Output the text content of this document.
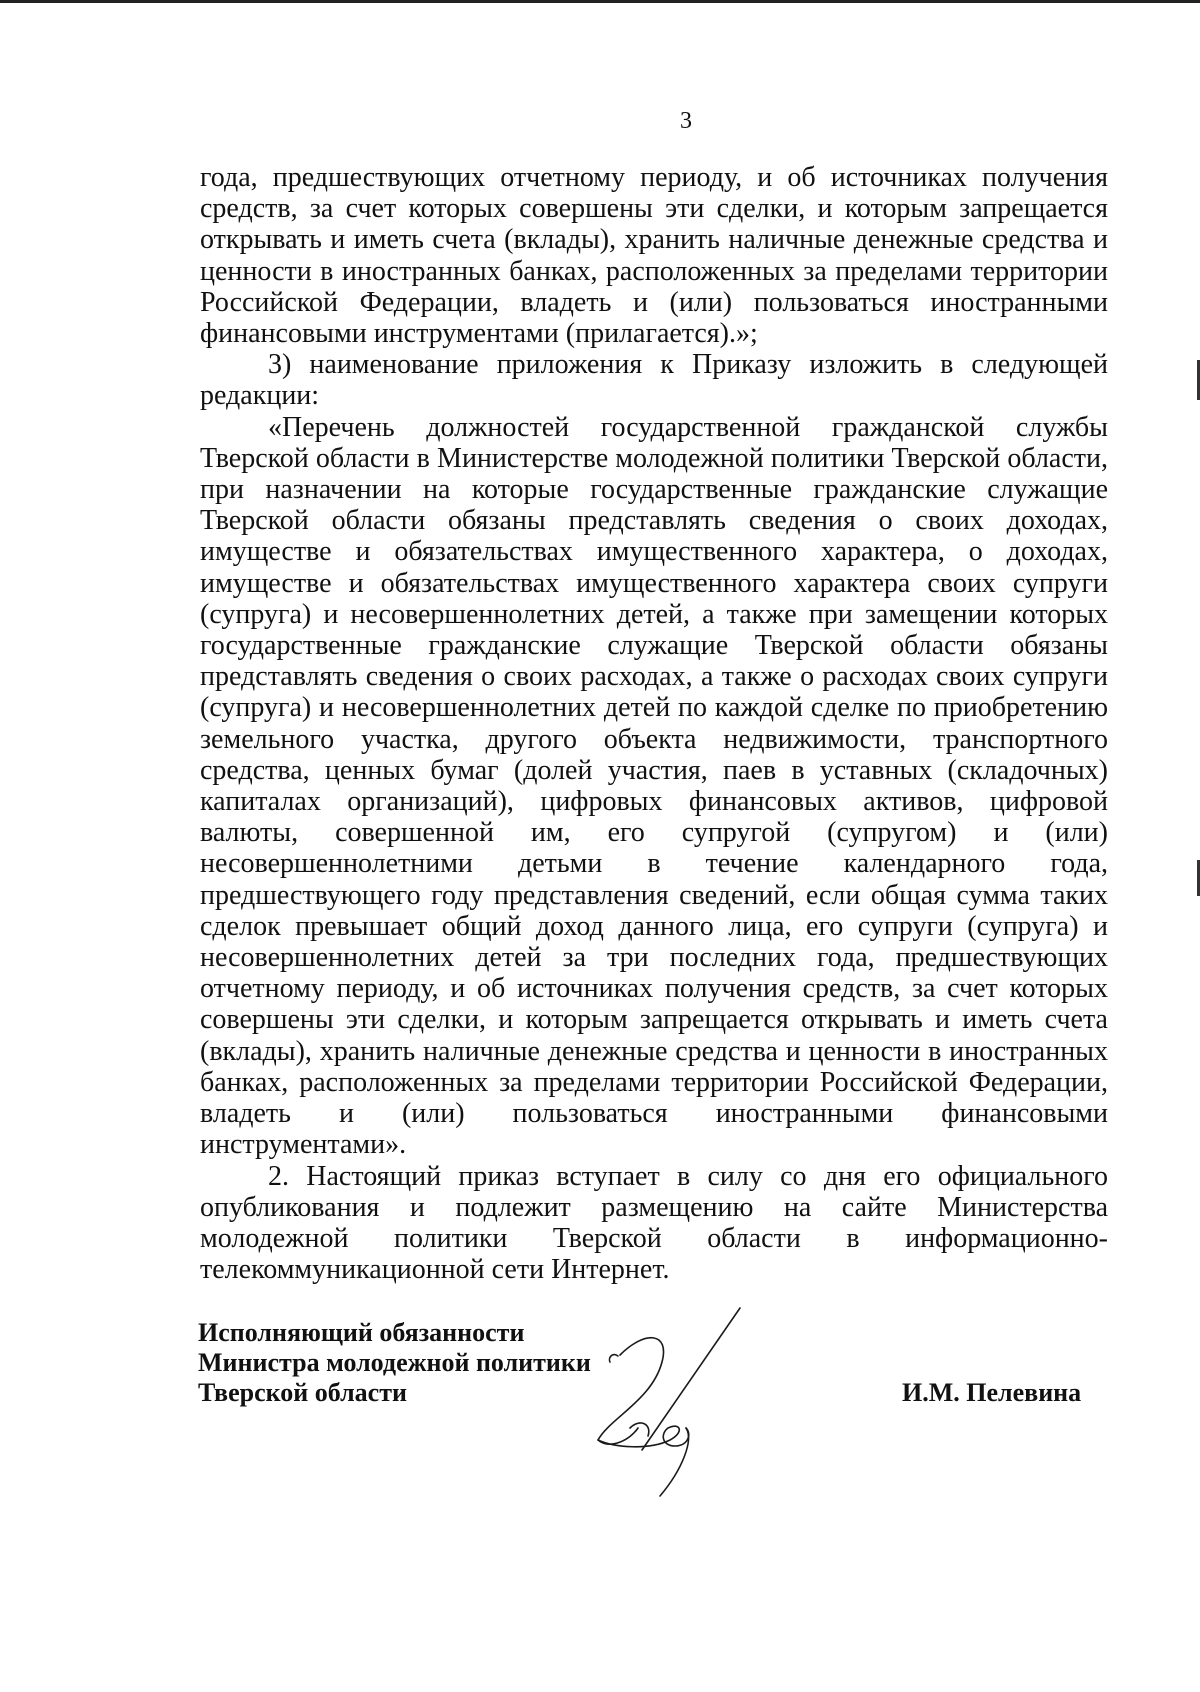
3

года, предшествующих отчетному периоду, и об источниках получения средств, за счет которых совершены эти сделки, и которым запрещается открывать и иметь счета (вклады), хранить наличные денежные средства и ценности в иностранных банках, расположенных за пределами территории Российской Федерации, владеть и (или) пользоваться иностранными финансовыми инструментами (прилагается).»;

3) наименование приложения к Приказу изложить в следующей редакции:

«Перечень должностей государственной гражданской службы Тверской области в Министерстве молодежной политики Тверской области, при назначении на которые государственные гражданские служащие Тверской области обязаны представлять сведения о своих доходах, имуществе и обязательствах имущественного характера, о доходах, имуществе и обязательствах имущественного характера своих супруги (супруга) и несовершеннолетних детей, а также при замещении которых государственные гражданские служащие Тверской области обязаны представлять сведения о своих расходах, а также о расходах своих супруги (супруга) и несовершеннолетних детей по каждой сделке по приобретению земельного участка, другого объекта недвижимости, транспортного средства, ценных бумаг (долей участия, паев в уставных (складочных) капиталах организаций), цифровых финансовых активов, цифровой валюты, совершенной им, его супругой (супругом) и (или) несовершеннолетними детьми в течение календарного года, предшествующего году представления сведений, если общая сумма таких сделок превышает общий доход данного лица, его супруги (супруга) и несовершеннолетних детей за три последних года, предшествующих отчетному периоду, и об источниках получения средств, за счет которых совершены эти сделки, и которым запрещается открывать и иметь счета (вклады), хранить наличные денежные средства и ценности в иностранных банках, расположенных за пределами территории Российской Федерации, владеть и (или) пользоваться иностранными финансовыми инструментами».

2. Настоящий приказ вступает в силу со дня его официального опубликования и подлежит размещению на сайте Министерства молодежной политики Тверской области в информационно-телекоммуникационной сети Интернет.

Исполняющий обязанности
Министра молодежной политики
Тверской области	И.М. Пелевина
